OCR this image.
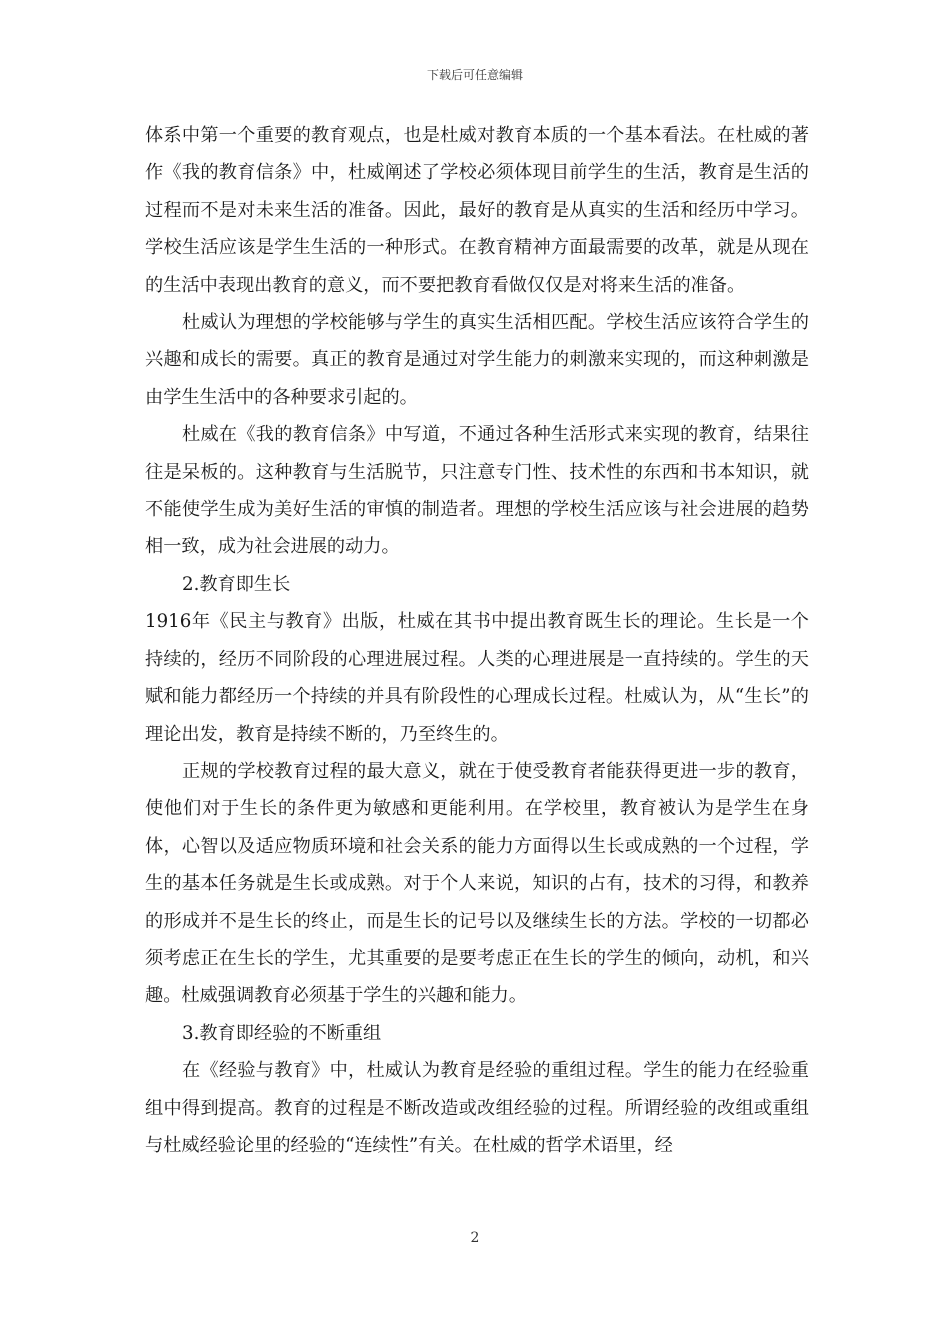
下载后可任意编辑

体系中第一个重要的教育观点，也是杜威对教育本质的一个基本看法。在杜威的著作《我的教育信条》中，杜威阐述了学校必须体现目前学生的生活，教育是生活的过程而不是对未来生活的准备。因此，最好的教育是从真实的生活和经历中学习。学校生活应该是学生生活的一种形式。在教育精神方面最需要的改革，就是从现在的生活中表现出教育的意义，而不要把教育看做仅仅是对将来生活的准备。

杜威认为理想的学校能够与学生的真实生活相匹配。学校生活应该符合学生的兴趣和成长的需要。真正的教育是通过对学生能力的刺激来实现的，而这种刺激是由学生生活中的各种要求引起的。

杜威在《我的教育信条》中写道，不通过各种生活形式来实现的教育，结果往往是呆板的。这种教育与生活脱节，只注意专门性、技术性的东西和书本知识，就不能使学生成为美好生活的审慎的制造者。理想的学校生活应该与社会进展的趋势相一致，成为社会进展的动力。

2.教育即生长

1916年《民主与教育》出版，杜威在其书中提出教育既生长的理论。生长是一个持续的，经历不同阶段的心理进展过程。人类的心理进展是一直持续的。学生的天赋和能力都经历一个持续的并具有阶段性的心理成长过程。杜威认为，从“生长”的理论出发，教育是持续不断的，乃至终生的。

正规的学校教育过程的最大意义，就在于使受教育者能获得更进一步的教育，使他们对于生长的条件更为敏感和更能利用。在学校里，教育被认为是学生在身体，心智以及适应物质环境和社会关系的能力方面得以生长或成熟的一个过程，学生的基本任务就是生长或成熟。对于个人来说，知识的占有，技术的习得，和教养的形成并不是生长的终止，而是生长的记号以及继续生长的方法。学校的一切都必须考虑正在生长的学生，尤其重要的是要考虑正在生长的学生的倾向，动机，和兴趣。杜威强调教育必须基于学生的兴趣和能力。

3.教育即经验的不断重组

在《经验与教育》中，杜威认为教育是经验的重组过程。学生的能力在经验重组中得到提高。教育的过程是不断改造或改组经验的过程。所谓经验的改组或重组与杜威经验论里的经验的“连续性”有关。在杜威的哲学术语里，经

2
